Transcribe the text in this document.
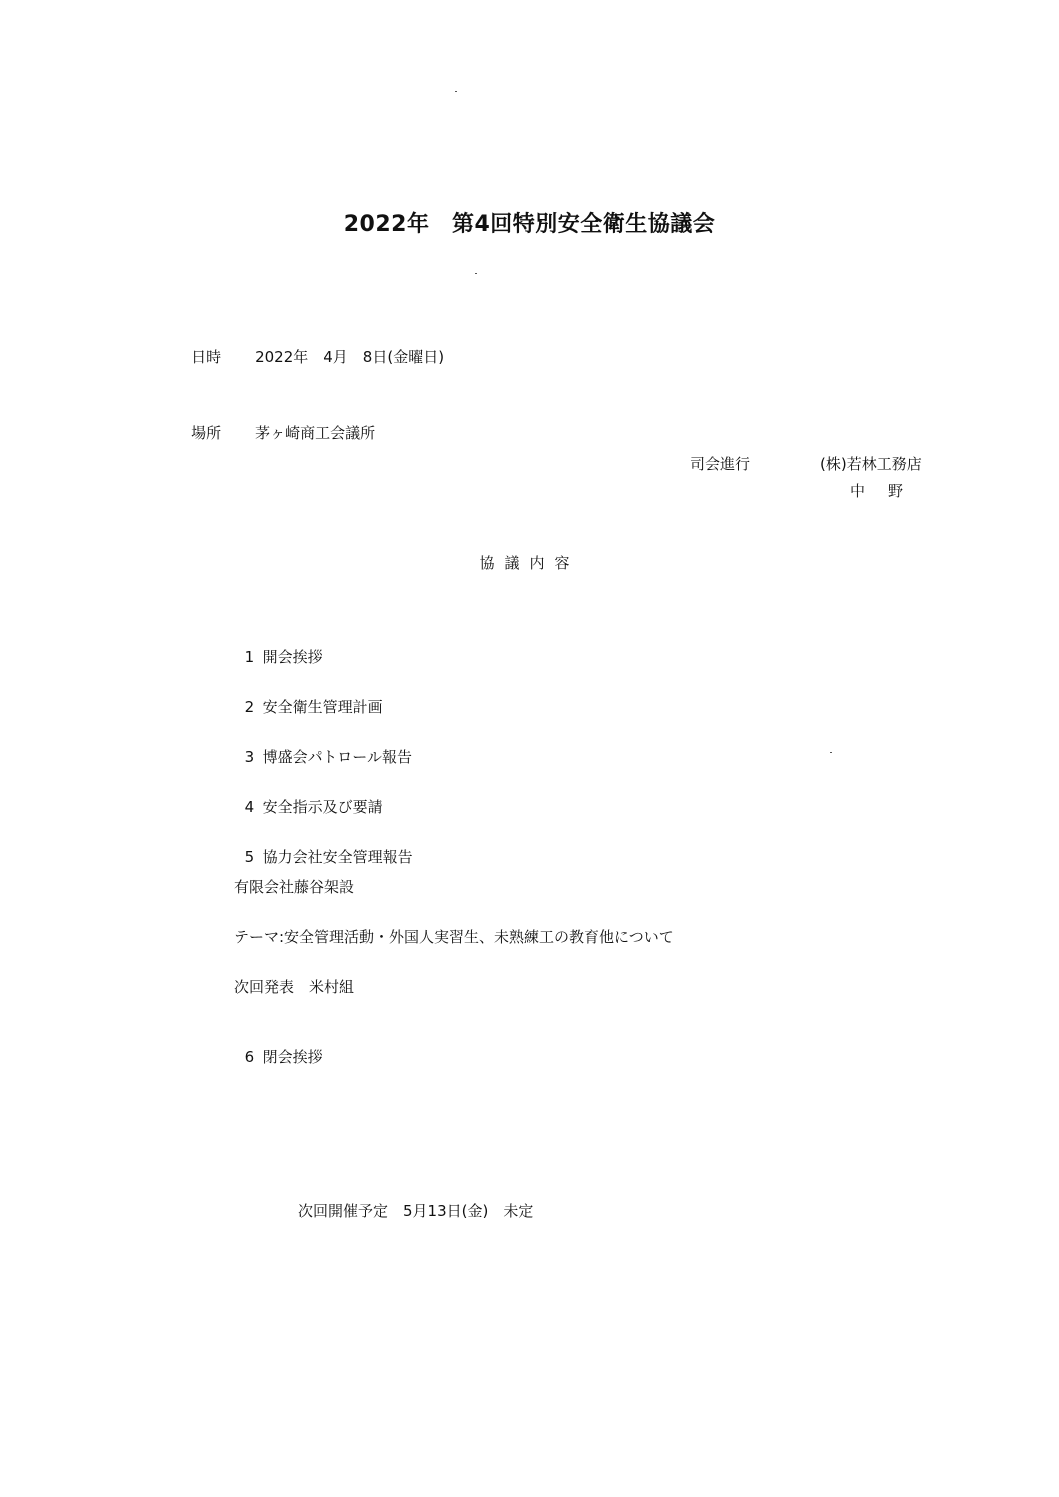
2022年　第4回特別安全衛生協議会

日時 2022年　4月　8日(金曜日)

場所 茅ヶ崎商工会議所

司会進行	(株)若林工務店
中　野
協議内容

1 開会挨拶

2 安全衛生管理計画

3 博盛会パトロール報告

4 安全指示及び要請

5 協力会社安全管理報告

有限会社藤谷架設
テーマ:安全管理活動・外国人実習生、未熟練工の教育他について
次回発表　米村組

6 閉会挨拶

次回開催予定　5月13日(金)　未定
